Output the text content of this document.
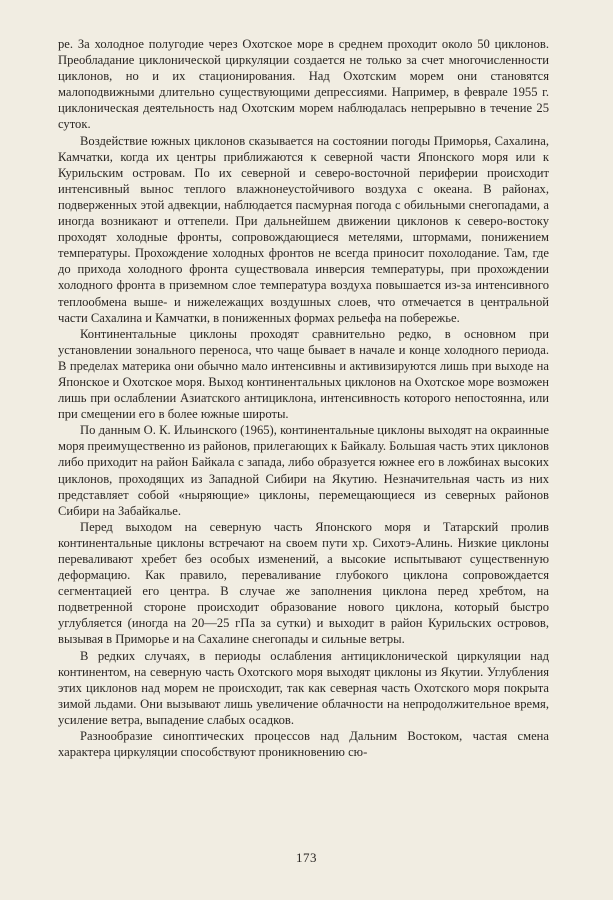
ре. За холодное полугодие через Охотское море в среднем проходит около 50 циклонов. Преобладание циклонической циркуляции создается не только за счет многочисленности циклонов, но и их стационирования. Над Охотским морем они становятся малоподвижными длительно существующими депрессиями. Например, в феврале 1955 г. циклоническая деятельность над Охотским морем наблюдалась непрерывно в течение 25 суток.

Воздействие южных циклонов сказывается на состоянии погоды Приморья, Сахалина, Камчатки, когда их центры приближаются к северной части Японского моря или к Курильским островам. По их северной и северо-восточной периферии происходит интенсивный вынос теплого влажнонеустойчивого воздуха с океана. В районах, подверженных этой адвекции, наблюдается пасмурная погода с обильными снегопадами, а иногда возникают и оттепели. При дальнейшем движении циклонов к северо-востоку проходят холодные фронты, сопровождающиеся метелями, штормами, понижением температуры. Прохождение холодных фронтов не всегда приносит похолодание. Там, где до прихода холодного фронта существовала инверсия температуры, при прохождении холодного фронта в приземном слое температура воздуха повышается из-за интенсивного теплообмена выше- и нижележащих воздушных слоев, что отмечается в центральной части Сахалина и Камчатки, в пониженных формах рельефа на побережье.

Континентальные циклоны проходят сравнительно редко, в основном при установлении зонального переноса, что чаще бывает в начале и конце холодного периода. В пределах материка они обычно мало интенсивны и активизируются лишь при выходе на Японское и Охотское моря. Выход континентальных циклонов на Охотское море возможен лишь при ослаблении Азиатского антициклона, интенсивность которого непостоянна, или при смещении его в более южные широты.

По данным О. К. Ильинского (1965), континентальные циклоны выходят на окраинные моря преимущественно из районов, прилегающих к Байкалу. Большая часть этих циклонов либо приходит на район Байкала с запада, либо образуется южнее его в ложбинах высоких циклонов, проходящих из Западной Сибири на Якутию. Незначительная часть из них представляет собой «ныряющие» циклоны, перемещающиеся из северных районов Сибири на Забайкалье.

Перед выходом на северную часть Японского моря и Татарский пролив континентальные циклоны встречают на своем пути хр. Сихотэ-Алинь. Низкие циклоны переваливают хребет без особых изменений, а высокие испытывают существенную деформацию. Как правило, переваливание глубокого циклона сопровождается сегментацией его центра. В случае же заполнения циклона перед хребтом, на подветренной стороне происходит образование нового циклона, который быстро углубляется (иногда на 20—25 гПа за сутки) и выходит в район Курильских островов, вызывая в Приморье и на Сахалине снегопады и сильные ветры.

В редких случаях, в периоды ослабления антициклонической циркуляции над континентом, на северную часть Охотского моря выходят циклоны из Якутии. Углубления этих циклонов над морем не происходит, так как северная часть Охотского моря покрыта зимой льдами. Они вызывают лишь увеличение облачности на непродолжительное время, усиление ветра, выпадение слабых осадков.

Разнообразие синоптических процессов над Дальним Востоком, частая смена характера циркуляции способствуют проникновению сю-

173
